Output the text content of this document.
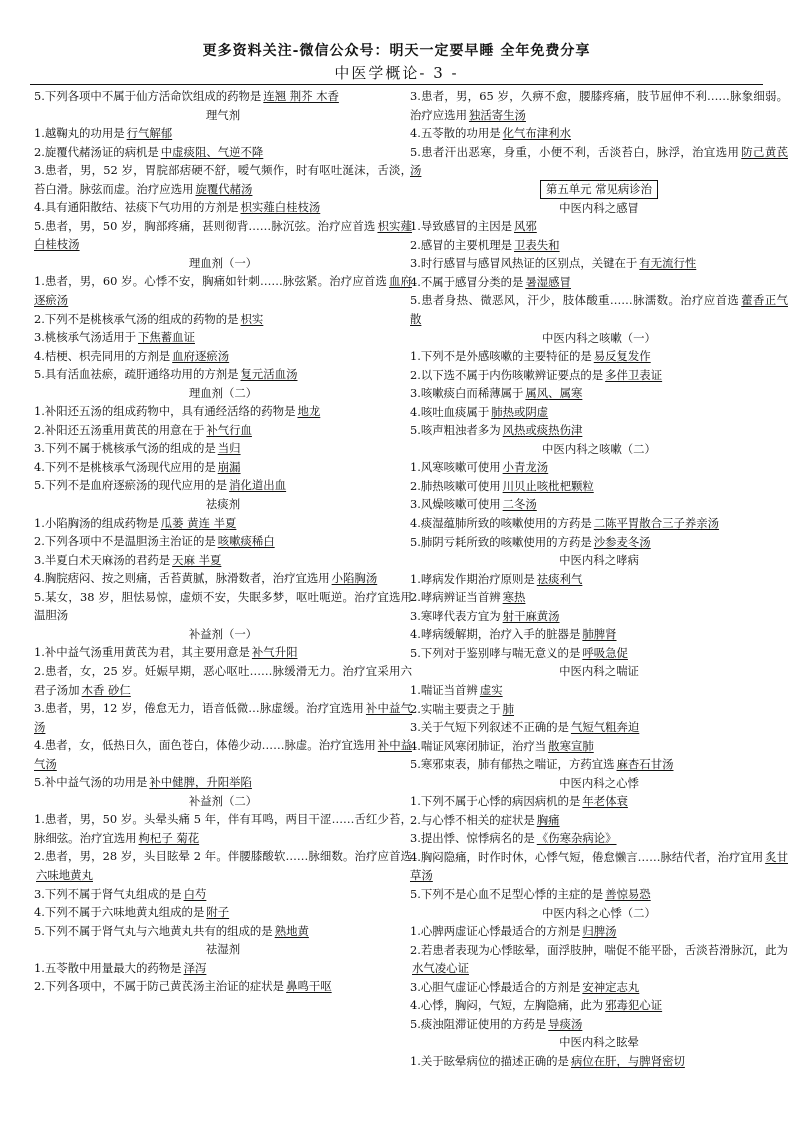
更多资料关注-微信公众号：明天一定要早睡 全年免费分享
中医学概论- 3 -

5.下列各项中不属于仙方活命饮组成的药物是 连翘 荆芥 木香

理气剂

1.越鞠丸的功用是 行气解郁

2.旋覆代赭汤证的病机是 中虚痰阻、气逆不降

3.患者，男，52 岁，胃脘部痞硬不舒，嗳气频作，时有呕吐涎沫，舌淡，苔白滑。脉弦而虚。治疗应选用 旋覆代赭汤

4.具有通阳散结、祛痰下气功用的方剂是 枳实薤白桂枝汤

5.患者，男，50 岁，胸部疼痛，甚则彻背……脉沉弦。治疗应首选 枳实薤白桂枝汤

理血剂（一）

1.患者，男，60 岁。心悸不安，胸痛如针刺……脉弦紧。治疗应首选 血府逐瘀汤

2.下列不是桃核承气汤的组成的药物的是 枳实

3.桃核承气汤适用于 下焦蓄血证

4.桔梗、枳壳同用的方剂是 血府逐瘀汤

5.具有活血祛瘀，疏肝通络功用的方剂是 复元活血汤

理血剂（二）

1.补阳还五汤的组成药物中，具有通经活络的药物是 地龙

2.补阳还五汤重用黄芪的用意在于 补气行血

3.下列不属于桃核承气汤的组成的是 当归

4.下列不是桃核承气汤现代应用的是 崩漏

5.下列不是血府逐瘀汤的现代应用的是 消化道出血

祛痰剂

1.小陷胸汤的组成药物是 瓜蒌 黄连 半夏

2.下列各项中不是温胆汤主治证的是 咳嗽痰稀白

3.半夏白术天麻汤的君药是 天麻 半夏

4.胸脘痞闷、按之则痛，舌苔黄腻，脉滑数者，治疗宜选用 小陷胸汤

5.某女，38 岁，胆怯易惊，虚烦不安，失眠多梦，呕吐呃逆。治疗宜选用 温胆汤

补益剂（一）

1.补中益气汤重用黄芪为君，其主要用意是 补气升阳

2.患者，女，25 岁。妊娠早期，恶心呕吐……脉缓滑无力。治疗宜采用六君子汤加 木香 砂仁

3.患者，男，12 岁，倦怠无力，语音低微…脉虚缓。治疗宜选用 补中益气汤

4.患者，女，低热日久，面色苍白，体倦少动……脉虚。治疗宜选用 补中益气汤

5.补中益气汤的功用是 补中健脾，升阳举陷

补益剂（二）

1.患者，男，50 岁。头晕头痛 5 年，伴有耳鸣，两目干涩……舌红少苔，脉细弦。治疗宜选用 枸杞子 菊花

2.患者，男，28 岁，头目眩晕 2 年。伴腰膝酸软……脉细数。治疗应首选六味地黄丸

3.下列不属于肾气丸组成的是 白芍

4.下列不属于六味地黄丸组成的是 附子

5.下列不属于肾气丸与六地黄丸共有的组成的是 熟地黄

祛湿剂

1.五苓散中用量最大的药物是 泽泻

2.下列各项中，不属于防己黄芪汤主治证的症状是 鼻鸣干呕

3.患者，男，65 岁，久痹不愈，腰膝疼痛，肢节屈伸不利……脉象细弱。治疗应选用 独活寄生汤

4.五苓散的功用是 化气布津利水

5.患者汗出恶寒，身重，小便不利，舌淡苔白，脉浮，治宜选用 防己黄芪汤

第五单元 常见病诊治

中医内科之感冒

1.导致感冒的主因是 风邪

2.感冒的主要机理是 卫表失和

3.时行感冒与感冒风热证的区别点，关键在于 有无流行性

4.不属于感冒分类的是 暑湿感冒

5.患者身热、微恶风，汗少，肢体酸重……脉濡数。治疗应首选 藿香正气散

中医内科之咳嗽（一）

1.下列不是外感咳嗽的主要特征的是 易反复发作

2.以下选不属于内伤咳嗽辨证要点的是 多伴卫表证

3.咳嗽痰白而稀薄属于 属风、属寒

4.咳吐血痰属于 肺热或阴虚

5.咳声粗浊者多为 风热或痰热伤津

中医内科之咳嗽（二）

1.风寒咳嗽可使用 小青龙汤

2.肺热咳嗽可使用 川贝止咳枇杷颗粒

3.风燥咳嗽可使用 二冬汤

4.痰湿蕴肺所致的咳嗽使用的方药是 二陈平胃散合三子养亲汤

5.肺阴亏耗所致的咳嗽使用的方药是 沙参麦冬汤

中医内科之哮病

1.哮病发作期治疗原则是 祛痰利气

2.哮病辨证当首辨 寒热

3.寒哮代表方宜为 射干麻黄汤

4.哮病缓解期，治疗入手的脏器是 肺脾肾

5.下列对于鉴别哮与喘无意义的是 呼吸急促

中医内科之喘证

1.喘证当首辨 虚实

2.实喘主要责之于 肺

3.关于气短下列叙述不正确的是 气短气粗奔迫

4.喘证风寒闭肺证，治疗当 散寒宣肺

5.寒邪束表，肺有郁热之喘证，方药宜选 麻杏石甘汤

中医内科之心悸

1.下列不属于心悸的病因病机的是 年老体衰

2.与心悸不相关的症状是 胸痛

3.提出悸、惊悸病名的是 《伤寒杂病论》

4.胸闷隐痛，时作时休，心悸气短，倦怠懒言……脉结代者，治疗宜用 炙甘草汤

5.下列不是心血不足型心悸的主症的是 善惊易恐

中医内科之心悸（二）

1.心脾两虚证心悸最适合的方剂是 归脾汤

2.若患者表现为心悸眩晕，面浮肢肿，喘促不能平卧，舌淡苔滑脉沉，此为水气凌心证

3.心胆气虚证心悸最适合的方剂是 安神定志丸

4.心悸，胸闷，气短，左胸隐痛，此为 邪毒犯心证

5.痰浊阻滞证使用的方药是 导痰汤

中医内科之眩晕

1.关于眩晕病位的描述正确的是 病位在肝，与脾肾密切
